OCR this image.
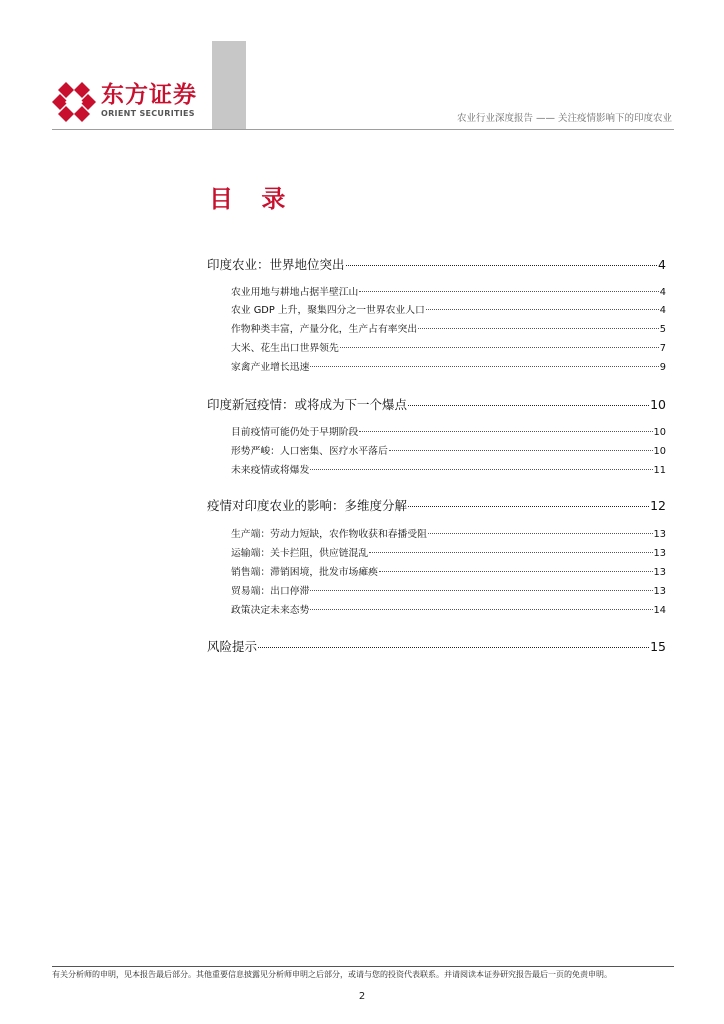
东方证券
ORIENT SECURITIES	农业行业深度报告 —— 关注疫情影响下的印度农业
目 录
印度农业：世界地位突出	4
农业用地与耕地占据半壁江山	4
农业 GDP 上升，聚集四分之一世界农业人口	4
作物种类丰富，产量分化，生产占有率突出	5
大米、花生出口世界领先	7
家禽产业增长迅速	9
印度新冠疫情：或将成为下一个爆点	10
目前疫情可能仍处于早期阶段	10
形势严峻：人口密集、医疗水平落后	10
未来疫情或将爆发	11
疫情对印度农业的影响：多维度分解	12
生产端：劳动力短缺，农作物收获和春播受阻	13
运输端：关卡拦阻，供应链混乱	13
销售端：滞销困境，批发市场瘫痪	13
贸易端：出口停滞	13
政策决定未来态势	14
风险提示	15
有关分析师的申明，见本报告最后部分。其他重要信息披露见分析师申明之后部分，或请与您的投资代表联系。并请阅读本证券研究报告最后一页的免责申明。
2
